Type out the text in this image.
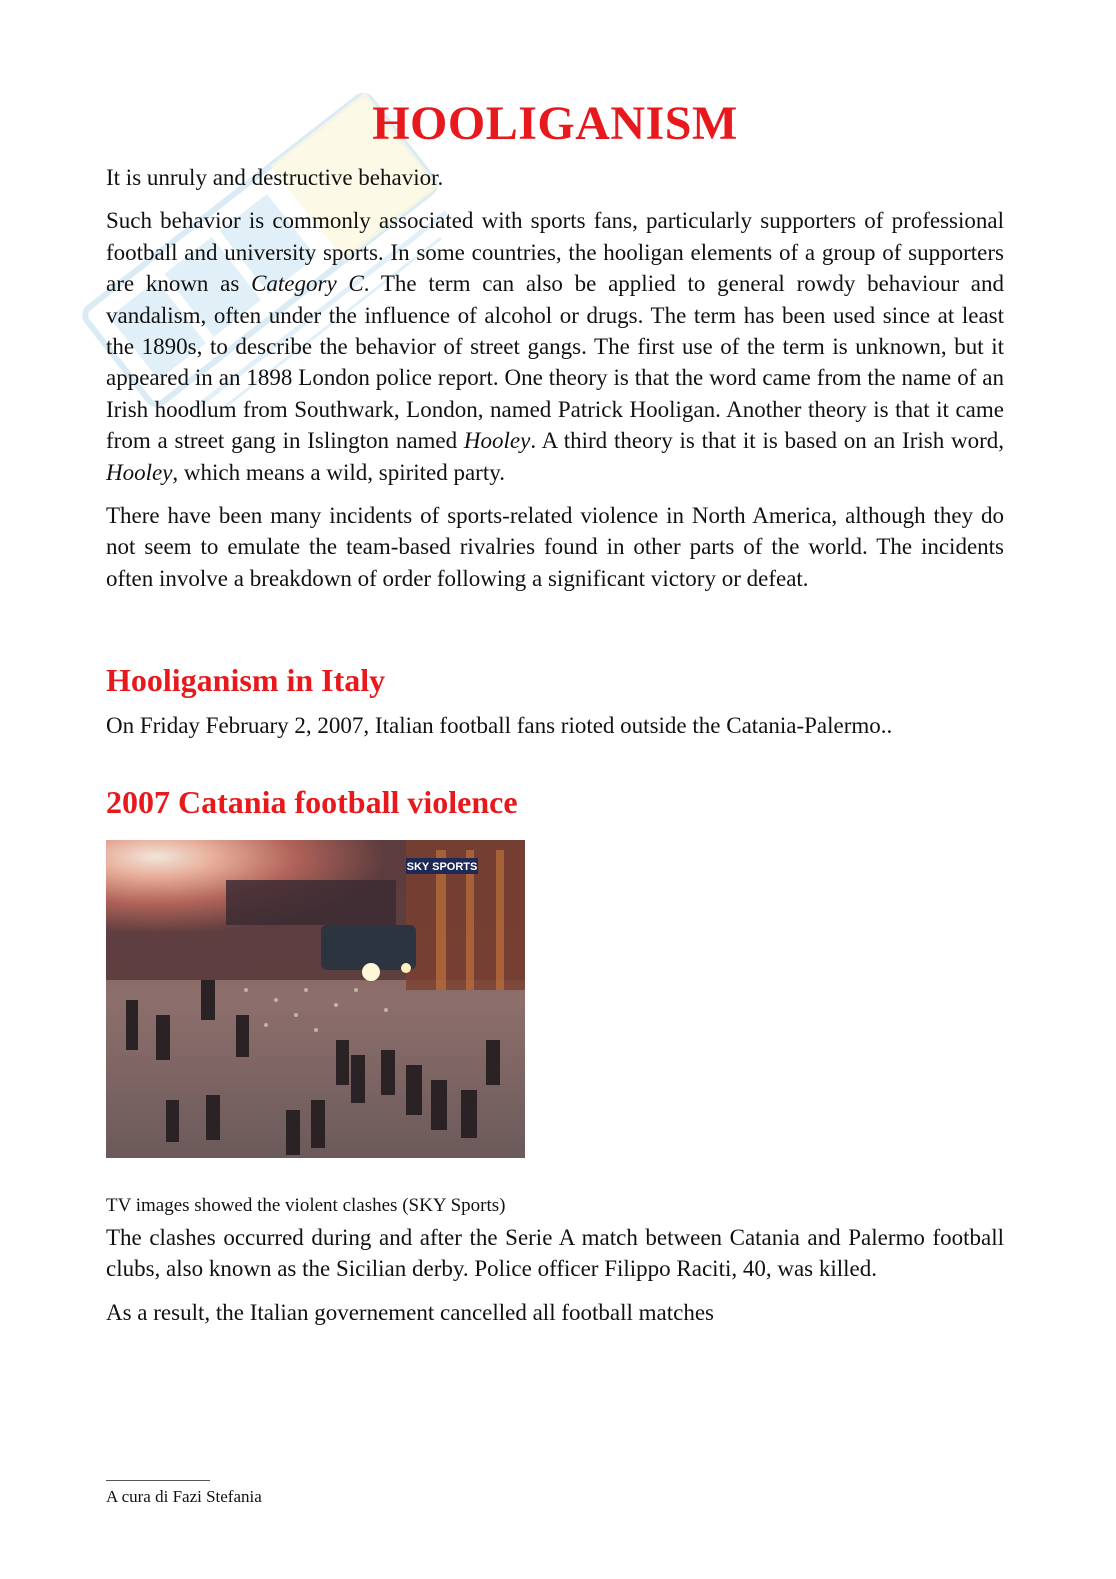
HOOLIGANISM

It is unruly and destructive behavior.

Such behavior is commonly associated with sports fans, particularly supporters of professional football and university sports. In some countries, the hooligan elements of a group of supporters are known as Category C. The term can also be applied to general rowdy behaviour and vandalism, often under the influence of alcohol or drugs. The term has been used since at least the 1890s, to describe the behavior of street gangs. The first use of the term is unknown, but it appeared in an 1898 London police report. One theory is that the word came from the name of an Irish hoodlum from Southwark, London, named Patrick Hooligan. Another theory is that it came from a street gang in Islington named Hooley. A third theory is that it is based on an Irish word, Hooley, which means a wild, spirited party.

There have been many incidents of sports-related violence in North America, although they do not seem to emulate the team-based rivalries found in other parts of the world. The incidents often involve a breakdown of order following a significant victory or defeat.

Hooliganism in Italy

On Friday February 2, 2007, Italian football fans rioted outside the Catania-Palermo..

2007 Catania football violence
SKY SPORTS

TV images showed the violent clashes (SKY Sports)

The clashes occurred during and after the Serie A match between Catania and Palermo football clubs, also known as the Sicilian derby. Police officer Filippo Raciti, 40, was killed.

As a result, the Italian governement cancelled all football matches

A cura di Fazi Stefania
